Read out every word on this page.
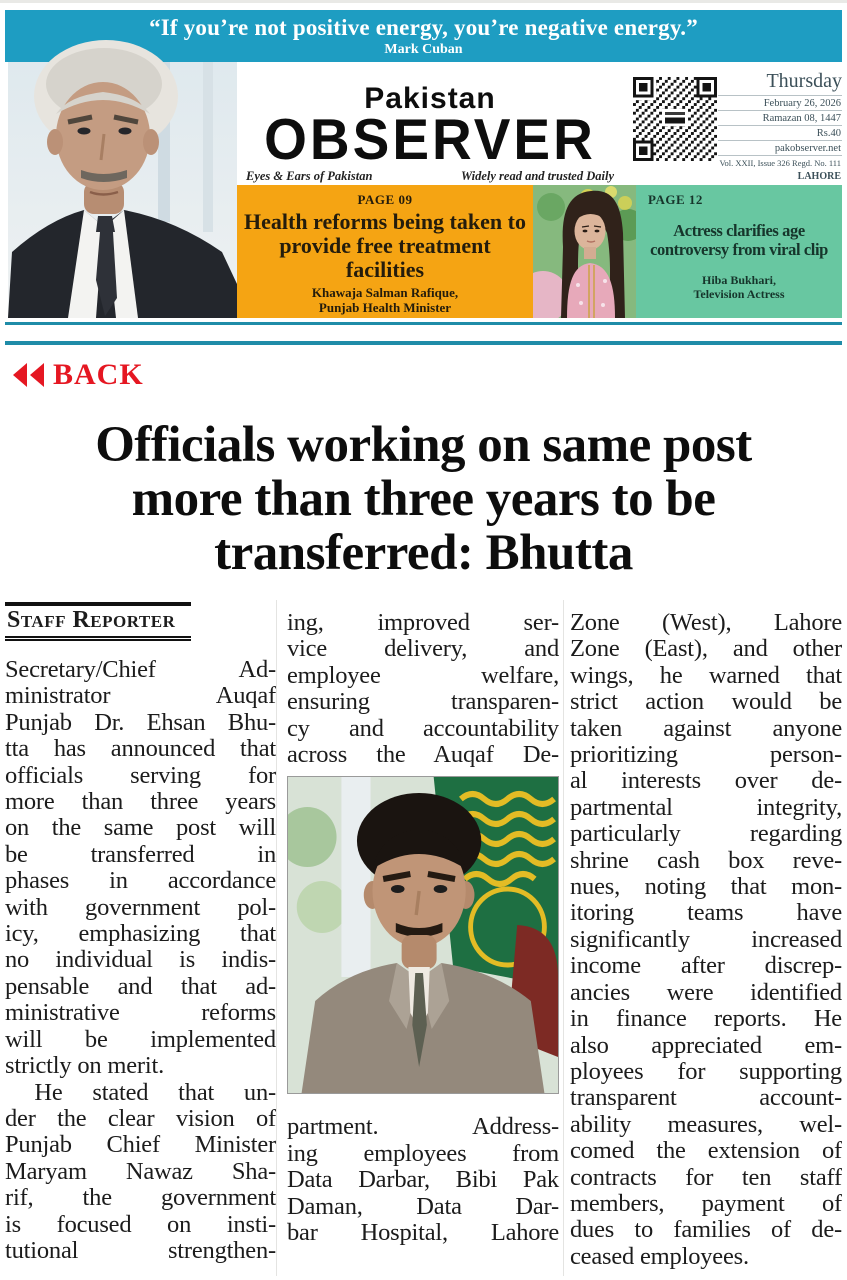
“If you’re not positive energy, you’re negative energy.”
Mark Cuban
Pakistan
OBSERVER
Eyes & Ears of Pakistan	Widely read and trusted Daily
Thursday
February 26, 2026
Ramazan 08, 1447
Rs.40
pakobserver.net
Vol. XXII, Issue 326 Regd. No. 111
LAHORE
PAGE 09
Health reforms being taken to provide free treatment facilities
Khawaja Salman Rafique,
Punjab Health Minister
PAGE 12
Actress clarifies age controversy from viral clip
Hiba Bukhari,
Television Actress
BACK
Officials working on same post
more than three years to be
transferred: Bhutta
Staff Reporter
Secretary/Chief Ad-
ministrator Auqaf
Punjab Dr. Ehsan Bhu-
tta has announced that
officials serving for
more than three years
on the same post will
be transferred in
phases in accordance
with government pol-
icy, emphasizing that
no individual is indis-
pensable and that ad-
ministrative reforms
will be implemented
strictly on merit.
He stated that un-
der the clear vision of
Punjab Chief Minister
Maryam Nawaz Sha-
rif, the government
is focused on insti-
tutional strengthen-
ing, improved ser-
vice delivery, and
employee welfare,
ensuring transparen-
cy and accountability
across the Auqaf De-
partment. Address-
ing employees from
Data Darbar, Bibi Pak
Daman, Data Dar-
bar Hospital, Lahore
Zone (West), Lahore
Zone (East), and other
wings, he warned that
strict action would be
taken against anyone
prioritizing person-
al interests over de-
partmental integrity,
particularly regarding
shrine cash box reve-
nues, noting that mon-
itoring teams have
significantly increased
income after discrep-
ancies were identified
in finance reports. He
also appreciated em-
ployees for supporting
transparent account-
ability measures, wel-
comed the extension of
contracts for ten staff
members, payment of
dues to families of de-
ceased employees.
